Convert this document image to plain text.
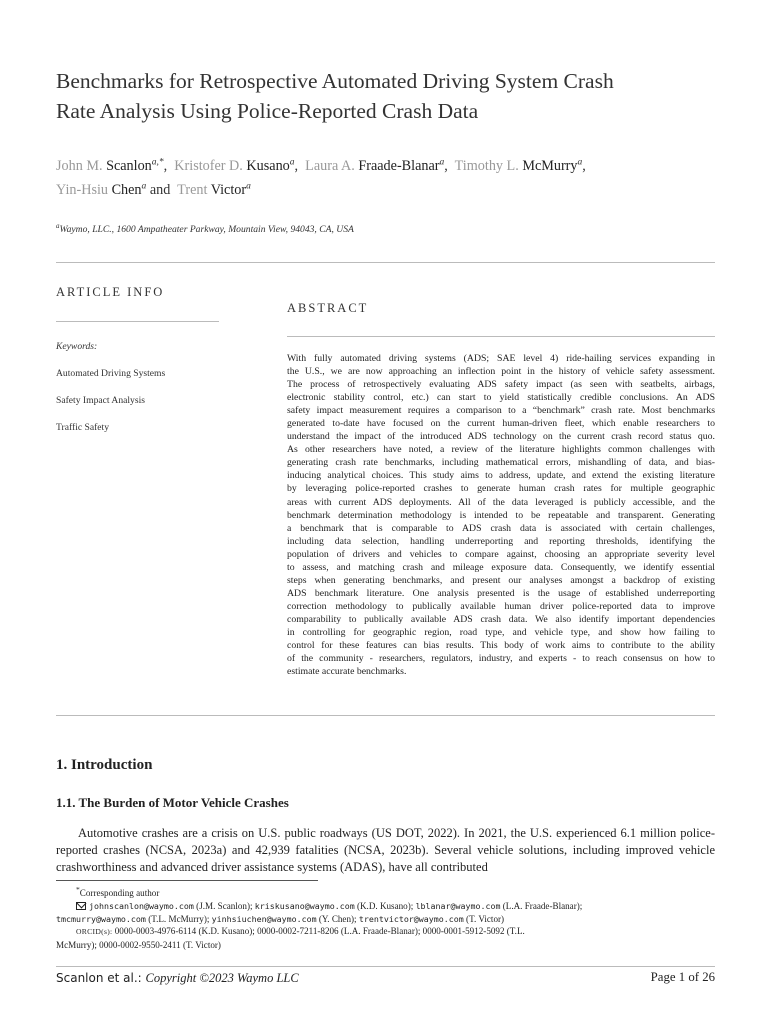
Benchmarks for Retrospective Automated Driving System Crash
Rate Analysis Using Police-Reported Crash Data
John M. Scanlon$^{a,*}$, Kristofer D. Kusano$^a$, Laura A. Fraade-Blanar$^a$, Timothy L. McMurry$^a$,
Yin-Hsiu Chen$^a$ and Trent Victor$^a$
$^a$Waymo, LLC., 1600 Ampatheater Parkway, Mountain View, 94043, CA, USA
ARTICLE INFO
ABSTRACT
Keywords:
Automated Driving Systems
Safety Impact Analysis
Traffic Safety
With fully automated driving systems (ADS; SAE level 4) ride-hailing services expanding in
the U.S., we are now approaching an inflection point in the history of vehicle safety assessment.
The process of retrospectively evaluating ADS safety impact (as seen with seatbelts, airbags,
electronic stability control, etc.) can start to yield statistically credible conclusions. An ADS
safety impact measurement requires a comparison to a “benchmark” crash rate. Most benchmarks
generated to-date have focused on the current human-driven fleet, which enable researchers to
understand the impact of the introduced ADS technology on the current crash record status quo.
As other researchers have noted, a review of the literature highlights common challenges with
generating crash rate benchmarks, including mathematical errors, mishandling of data, and bias-
inducing analytical choices. This study aims to address, update, and extend the existing literature
by leveraging police-reported crashes to generate human crash rates for multiple geographic
areas with current ADS deployments. All of the data leveraged is publicly accessible, and the
benchmark determination methodology is intended to be repeatable and transparent. Generating
a benchmark that is comparable to ADS crash data is associated with certain challenges,
including data selection, handling underreporting and reporting thresholds, identifying the
population of drivers and vehicles to compare against, choosing an appropriate severity level
to assess, and matching crash and mileage exposure data. Consequently, we identify essential
steps when generating benchmarks, and present our analyses amongst a backdrop of existing
ADS benchmark literature. One analysis presented is the usage of established underreporting
correction methodology to publically available human driver police-reported data to improve
comparability to publically available ADS crash data. We also identify important dependencies
in controlling for geographic region, road type, and vehicle type, and show how failing to
control for these features can bias results. This body of work aims to contribute to the ability
of the community - researchers, regulators, industry, and experts - to reach consensus on how to
estimate accurate benchmarks.
1. Introduction
1.1. The Burden of Motor Vehicle Crashes

Automotive crashes are a crisis on U.S. public roadways (US DOT, 2022). In 2021, the U.S. experienced 6.1 million police-reported crashes (NCSA, 2023a) and 42,939 fatalities (NCSA, 2023b). Several vehicle solutions, including improved vehicle crashworthiness and advanced driver assistance systems (ADAS), have all contributed

*Corresponding author
johnscanlon@waymo.com (J.M. Scanlon); kriskusano@waymo.com (K.D. Kusano); lblanar@waymo.com (L.A. Fraade-Blanar);
tmcmurry@waymo.com (T.L. McMurry); yinhsiuchen@waymo.com (Y. Chen); trentvictor@waymo.com (T. Victor)
ORCID(s): 0000-0003-4976-6114 (K.D. Kusano); 0000-0002-7211-8206 (L.A. Fraade-Blanar); 0000-0001-5912-5092 (T.L.
McMurry); 0000-0002-9550-2411 (T. Victor)
Scanlon et al.: Copyright ©2023 Waymo LLC	Page 1 of 26
